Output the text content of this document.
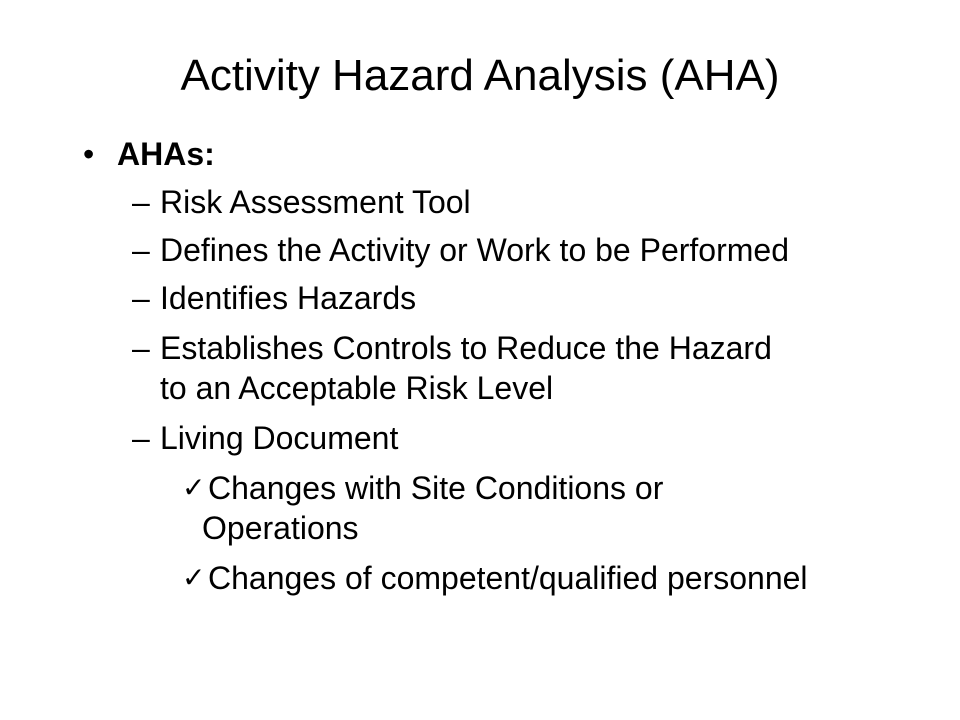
Activity Hazard Analysis (AHA)
• AHAs:
– Risk Assessment Tool
– Defines the Activity or Work to be Performed
– Identifies Hazards
– Establishes Controls to Reduce the Hazard
to an Acceptable Risk Level
– Living Document
✓ Changes with Site Conditions or
Operations
✓ Changes of competent/qualified personnel
